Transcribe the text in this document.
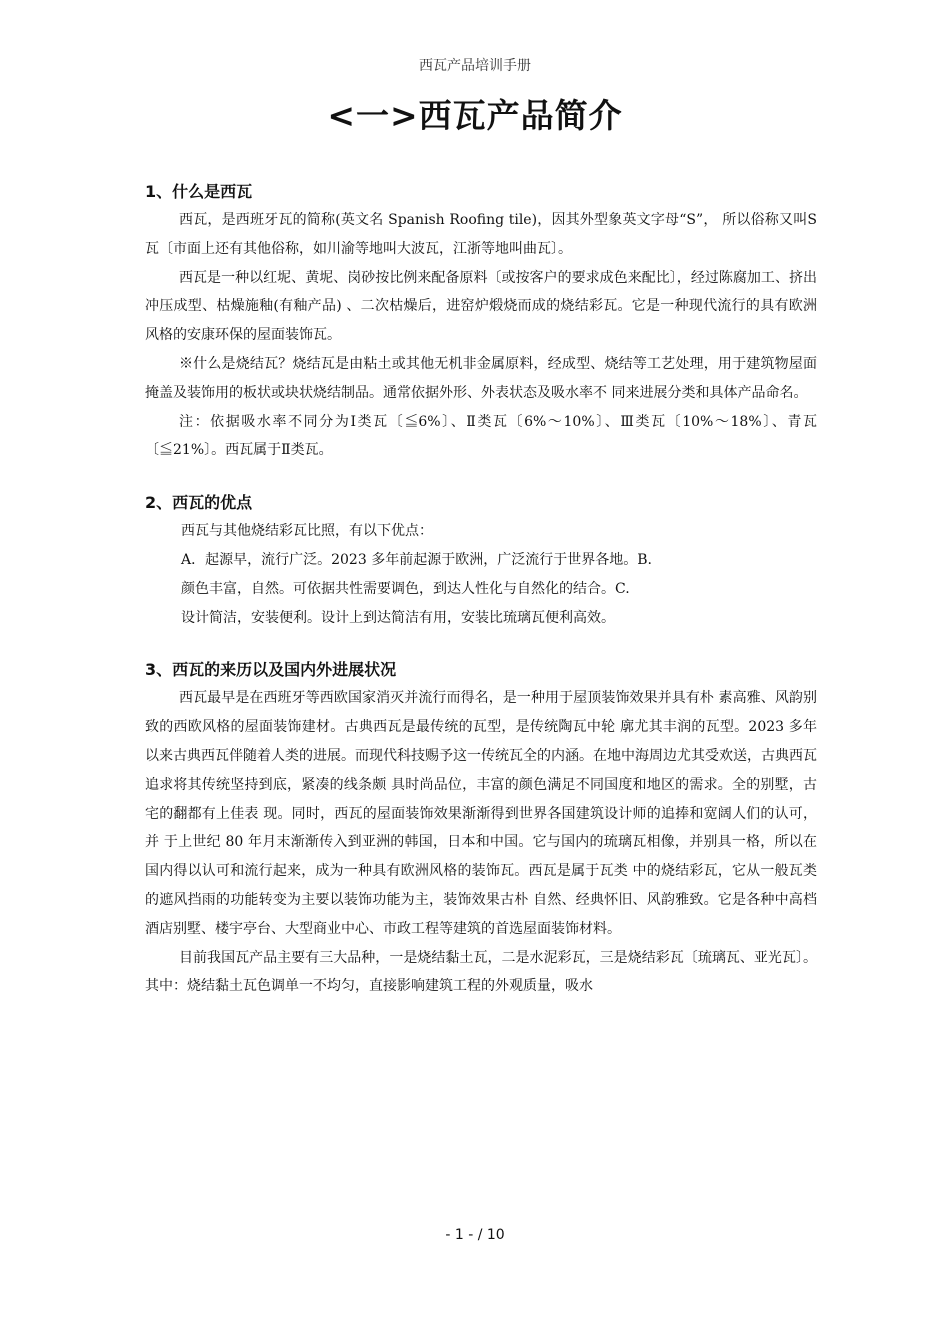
西瓦产品培训手册
<一>西瓦产品简介
1、什么是西瓦

西瓦，是西班牙瓦的简称(英文名 Spanish Roofing tile)，因其外型象英文字母“S”， 所以俗称又叫S 瓦〔市面上还有其他俗称，如川渝等地叫大波瓦，江浙等地叫曲瓦〕。

西瓦是一种以红坭、黄坭、岗砂按比例来配备原料〔或按客户的要求成色来配比〕，经过陈腐加工、挤出冲压成型、枯燥施釉(有釉产品) 、二次枯燥后，进窑炉煅烧而成的烧结彩瓦。它是一种现代流行的具有欧洲风格的安康环保的屋面装饰瓦。

※什么是烧结瓦？烧结瓦是由粘土或其他无机非金属原料，经成型、烧结等工艺处理，用于建筑物屋面掩盖及装饰用的板状或块状烧结制品。通常依据外形、外表状态及吸水率不 同来进展分类和具体产品命名。

注：依据吸水率不同分为Ⅰ类瓦〔≦6%〕、Ⅱ类瓦〔6%～10%〕、Ⅲ类瓦〔10%～18%〕、青瓦〔≦21%〕。西瓦属于Ⅱ类瓦。

2、西瓦的优点

西瓦与其他烧结彩瓦比照，有以下优点：

A．起源早，流行广泛。2023 多年前起源于欧洲，广泛流行于世界各地。B.

颜色丰富，自然。可依据共性需要调色，到达人性化与自然化的结合。C.

设计简洁，安装便利。设计上到达简洁有用，安装比琉璃瓦便利高效。

3、西瓦的来历以及国内外进展状况

西瓦最早是在西班牙等西欧国家消灭并流行而得名，是一种用于屋顶装饰效果并具有朴 素高雅、风韵别致的西欧风格的屋面装饰建材。古典西瓦是最传统的瓦型，是传统陶瓦中轮 廓尤其丰润的瓦型。2023 多年以来古典西瓦伴随着人类的进展。而现代科技赐予这一传统瓦全的内涵。在地中海周边尤其受欢送，古典西瓦追求将其传统坚持到底，紧凑的线条颇 具时尚品位，丰富的颜色满足不同国度和地区的需求。全的别墅，古宅的翻都有上佳表 现。同时，西瓦的屋面装饰效果渐渐得到世界各国建筑设计师的追捧和宽阔人们的认可，并 于上世纪 80 年月末渐渐传入到亚洲的韩国，日本和中国。它与国内的琉璃瓦相像，并别具一格，所以在国内得以认可和流行起来，成为一种具有欧洲风格的装饰瓦。西瓦是属于瓦类 中的烧结彩瓦，它从一般瓦类的遮风挡雨的功能转变为主要以装饰功能为主，装饰效果古朴 自然、经典怀旧、风韵雅致。它是各种中高档酒店别墅、楼宇亭台、大型商业中心、市政工程等建筑的首选屋面装饰材料。

目前我国瓦产品主要有三大品种，一是烧结黏土瓦，二是水泥彩瓦，三是烧结彩瓦〔琉璃瓦、亚光瓦〕。其中：烧结黏土瓦色调单一不均匀，直接影响建筑工程的外观质量，吸水

- 1 - / 10
